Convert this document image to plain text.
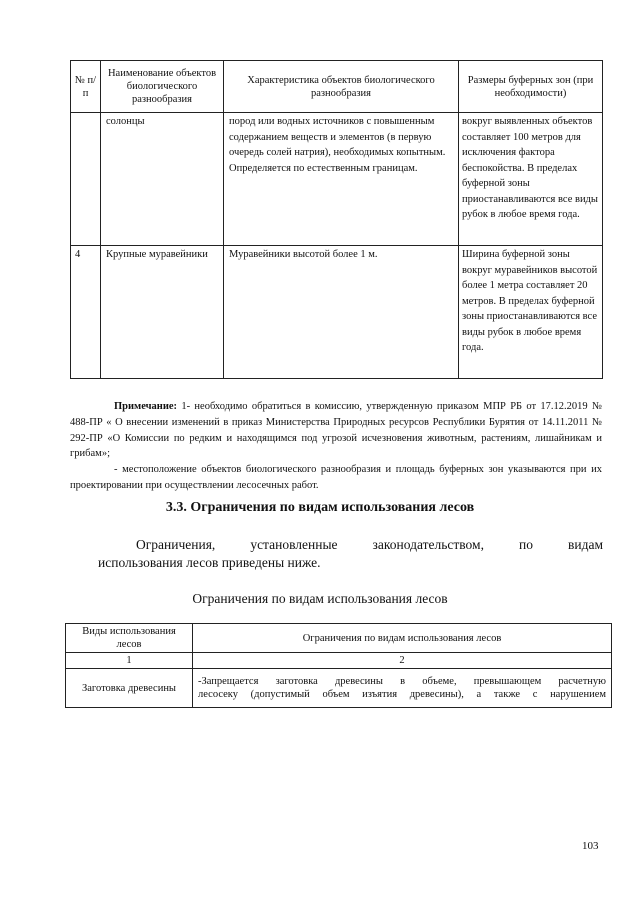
№ п/п	Наименование объектов биологического разнообразия	Характеристика объектов биологического разнообразия	Размеры буферных зон (при необходимости)
	солонцы	пород или водных источников с повышенным содержанием веществ и элементов (в первую очередь солей натрия), необходимых копытным. Определяется по естественным границам.	вокруг выявленных объектов составляет 100 метров для исключения фактора беспокойства. В пределах буферной зоны приостанавливаются все виды рубок в любое время года.
4	Крупные муравейники	Муравейники высотой более 1 м.	Ширина буферной зоны вокруг муравейников высотой более 1 метра составляет 20 метров. В пределах буферной зоны приостанавливаются все виды рубок в любое время года.

Примечание: 1- необходимо обратиться в комиссию, утвержденную приказом МПР РБ от 17.12.2019 № 488-ПР « О внесении изменений в приказ Министерства Природных ресурсов Республики Бурятия от 14.11.2011 № 292-ПР «О Комиссии по редким и находящимся под угрозой исчезновения животным, растениям, лишайникам и грибам»;

- местоположение объектов биологического разнообразия и площадь буферных зон указываются при их проектировании при осуществлении лесосечных работ.

3.3. Ограничения по видам использования лесов
Ограничения,	установленные	законодательством,	по	видам
использования лесов приведены ниже.
Ограничения по видам использования лесов
Виды использования лесов	Ограничения по видам использования лесов
1	2
Заготовка древесины	-Запрещается заготовка древесины в объеме, превышающем расчетную
лесосеку (допустимый объем изъятия древесины), а также с нарушением
103
